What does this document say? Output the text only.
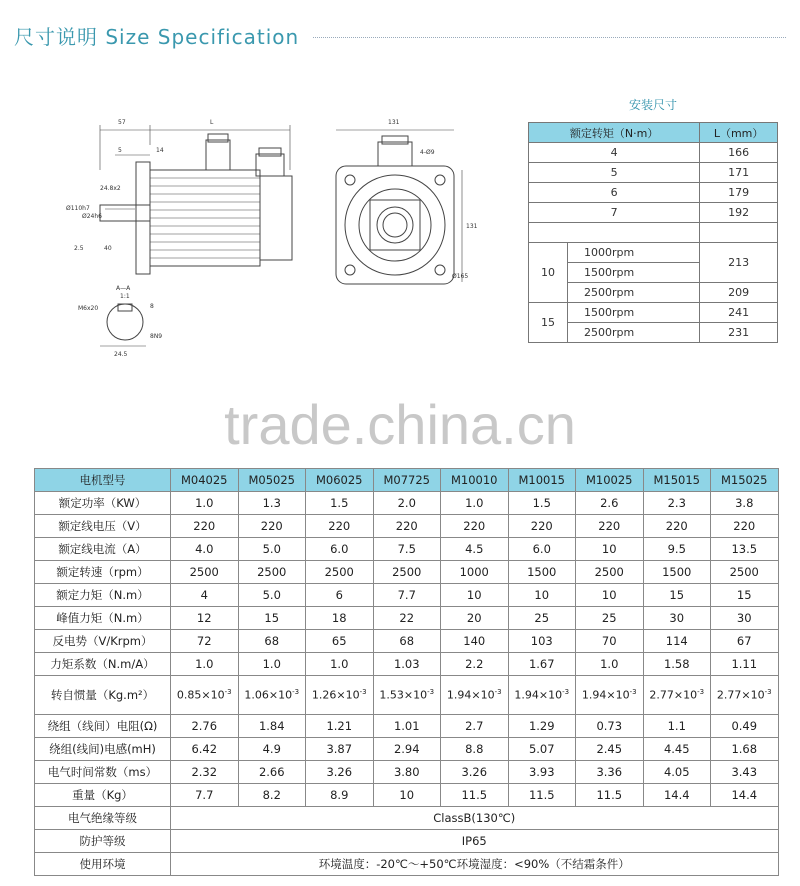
尺寸说明 Size Specification
57	L
5	14
24.8x2
2.5	40
Ø110h7
Ø24h6
A—A
1:1
M6x20
24.5
8
8N9
131
131
4-Ø9
Ø165
安装尺寸
额定转矩（N·m）		L（mm）
4		166
5		171
6		179
7		192

10	1000rpm	213
	1500rpm	
	2500rpm	209
15	1500rpm	241
	2500rpm	231
trade.china.cn
电机型号	M04025	M05025	M06025	M07725	M10010	M10015	M10025	M15015	M15025
额定功率（KW）	1.0	1.3	1.5	2.0	1.0	1.5	2.6	2.3	3.8
额定线电压（V）	220	220	220	220	220	220	220	220	220
额定线电流（A）	4.0	5.0	6.0	7.5	4.5	6.0	10	9.5	13.5
额定转速（rpm）	2500	2500	2500	2500	1000	1500	2500	1500	2500
额定力矩（N.m）	4	5.0	6	7.7	10	10	10	15	15
峰值力矩（N.m）	12	15	18	22	20	25	25	30	30
反电势（V/Krpm）	72	68	65	68	140	103	70	114	67
力矩系数（N.m/A）	1.0	1.0	1.0	1.03	2.2	1.67	1.0	1.58	1.11
转自惯量（Kg.m²）	$0.85\times 10^{-3}$	$1.06\times 10^{-3}$	$1.26\times 10^{-3}$	$1.53\times 10^{-3}$	$1.94\times 10^{-3}$	$1.94\times 10^{-3}$	$1.94\times 10^{-3}$	$2.77\times 10^{-3}$	$2.77\times 10^{-3}$
绕组（线间）电阻(Ω)	2.76	1.84	1.21	1.01	2.7	1.29	0.73	1.1	0.49
绕组(线间)电感(mH)	6.42	4.9	3.87	2.94	8.8	5.07	2.45	4.45	1.68
电气时间常数（ms）	2.32	2.66	3.26	3.80	3.26	3.93	3.36	4.05	3.43
重量（Kg）	7.7	8.2	8.9	10	11.5	11.5	11.5	14.4	14.4
电气绝缘等级	ClassB(130℃)								
防护等级	IP65								
使用环境	环境温度：-20℃～+50℃环境湿度：<90%（不结霜条件）								
